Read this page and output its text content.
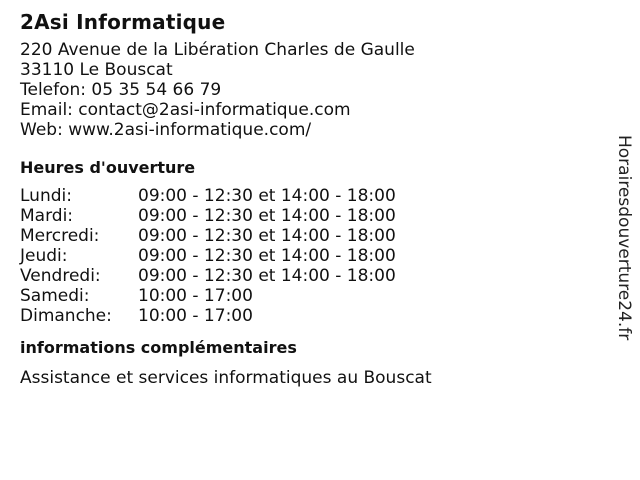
2Asi Informatique
220 Avenue de la Libération Charles de Gaulle
33110 Le Bouscat
Telefon: 05 35 54 66 79
Email: contact@2asi-informatique.com
Web: www.2asi-informatique.com/
Heures d'ouverture
Lundi:	09:00 - 12:30 et 14:00 - 18:00
Mardi:	09:00 - 12:30 et 14:00 - 18:00
Mercredi:	09:00 - 12:30 et 14:00 - 18:00
Jeudi:	09:00 - 12:30 et 14:00 - 18:00
Vendredi:	09:00 - 12:30 et 14:00 - 18:00
Samedi:	10:00 - 17:00
Dimanche:	10:00 - 17:00
informations complémentaires
Assistance et services informatiques au Bouscat
Horairesdouverture24.fr
